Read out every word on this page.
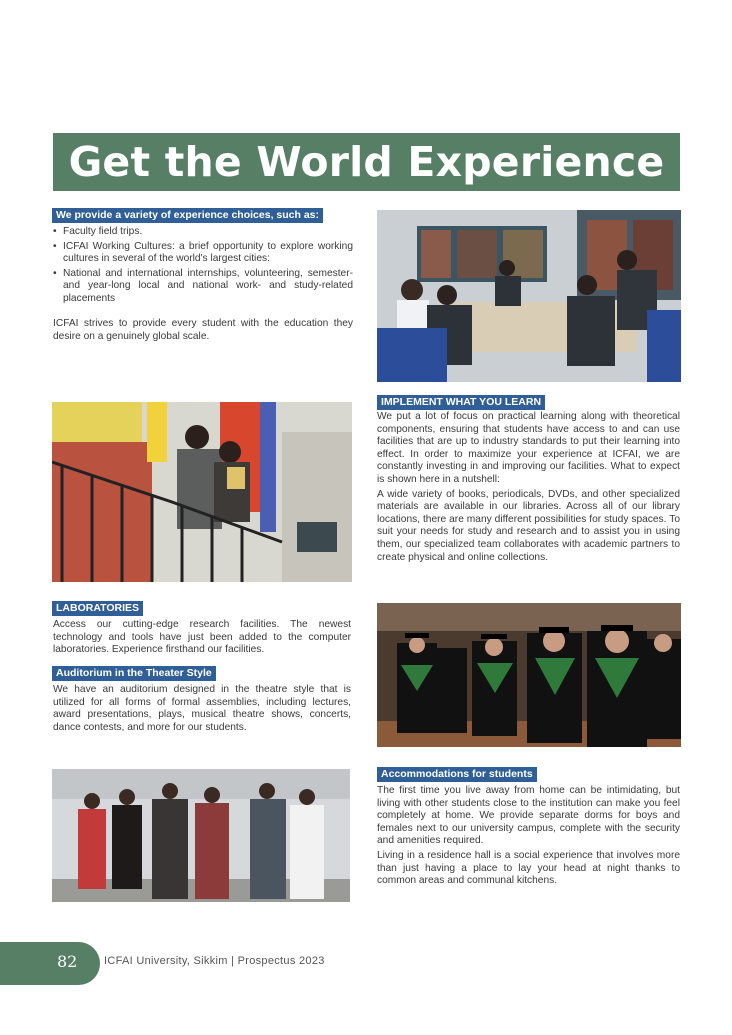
Get the World Experience
We provide a variety of experience choices, such as:
• Faculty field trips.
• ICFAI Working Cultures: a brief opportunity to explore working cultures in several of the world's largest cities:
• National and international internships, volunteering, semester- and year-long local and national work- and study-related placements
ICFAI strives to provide every student with the education they desire on a genuinely global scale.
IMPLEMENT WHAT YOU LEARN

We put a lot of focus on practical learning along with theoretical components, ensuring that students have access to and can use facilities that are up to industry standards to put their learning into effect. In order to maximize your experience at ICFAI, we are constantly investing in and improving our facilities. What to expect is shown here in a nutshell:

A wide variety of books, periodicals, DVDs, and other specialized materials are available in our libraries. Across all of our library locations, there are many different possibilities for study spaces. To suit your needs for study and research and to assist you in using them, our specialized team collaborates with academic partners to create physical and online collections.

LABORATORIES
Access our cutting-edge research facilities. The newest technology and tools have just been added to the computer laboratories. Experience firsthand our facilities.
Auditorium in the Theater Style
We have an auditorium designed in the theatre style that is utilized for all forms of formal assemblies, including lectures, award presentations, plays, musical theatre shows, concerts, dance contests, and more for our students.
Accommodations for students

The first time you live away from home can be intimidating, but living with other students close to the institution can make you feel completely at home. We provide separate dorms for boys and females next to our university campus, complete with the security and amenities required.

Living in a residence hall is a social experience that involves more than just having a place to lay your head at night thanks to common areas and communal kitchens.

82 ICFAI University, Sikkim | Prospectus 2023
